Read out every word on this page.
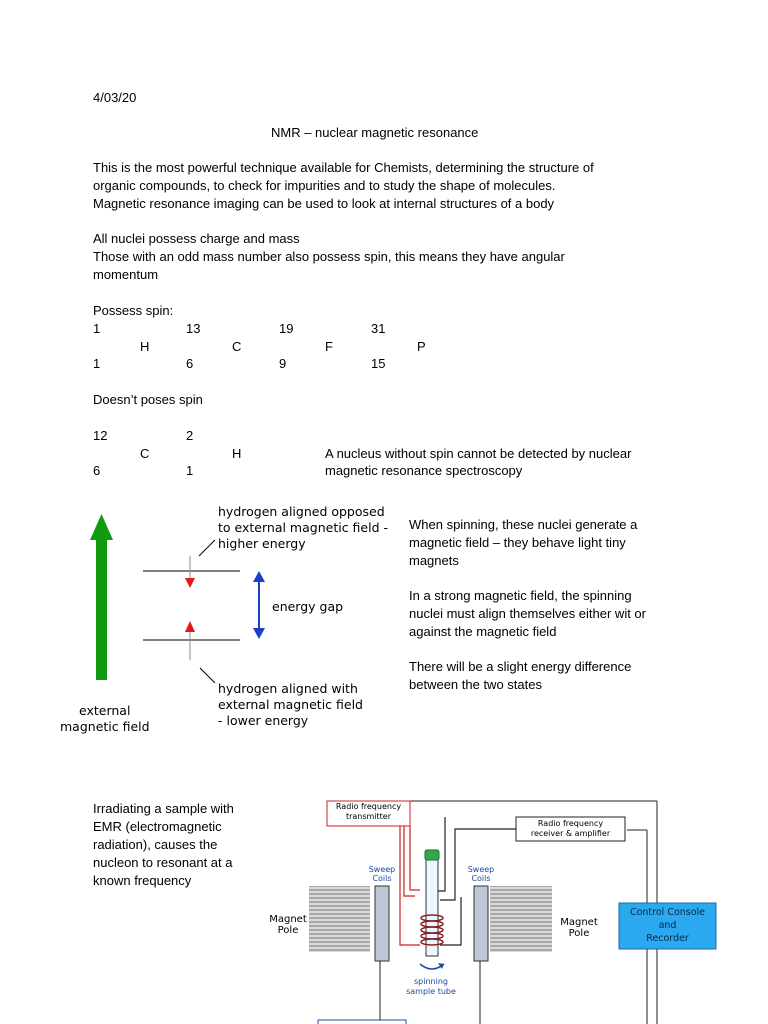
4/03/20
NMR – nuclear magnetic resonance
This is the most powerful technique available for Chemists, determining the structure of
organic compounds, to check for impurities and to study the shape of molecules.
Magnetic resonance imaging can be used to look at internal structures of a body
All nuclei possess charge and mass
Those with an odd mass number also possess spin, this means they have angular
momentum
Possess spin:
1
H
1
13
C
6
19
F
9
31
P
15
Doesn’t poses spin
12
C
6
2
H
1
A nucleus without spin cannot be detected by nuclear
magnetic resonance spectroscopy
hydrogen aligned opposed
to external magnetic field -
higher energy
energy gap
hydrogen aligned with
external magnetic field
- lower energy
external
magnetic field
When spinning, these nuclei generate a
magnetic field – they behave light tiny
magnets
In a strong magnetic field, the spinning
nuclei must align themselves either wit or
against the magnetic field
There will be a slight energy difference
between the two states
Irradiating a sample with
EMR (electromagnetic
radiation), causes the
nucleon to resonant at a
known frequency
Radio frequency
transmitter
Radio frequency
receiver & amplifier
Sweep
Coils
Sweep
Coils
Magnet
Pole
Magnet
Pole
Control Console
and
Recorder
spinning
sample tube
